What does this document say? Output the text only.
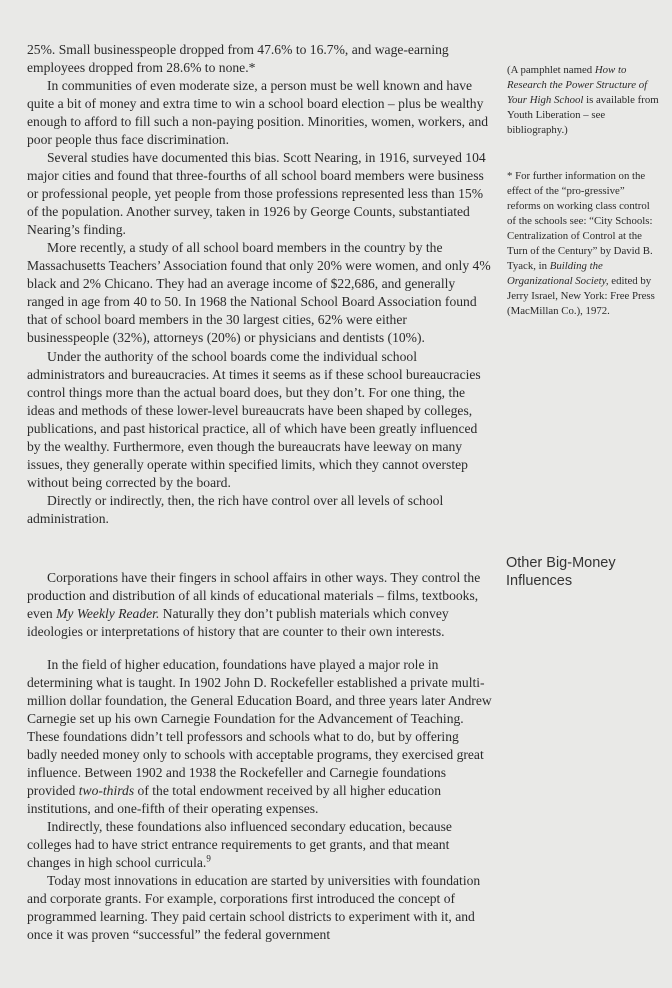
25%. Small businesspeople dropped from 47.6% to 16.7%, and wage-earning employees dropped from 28.6% to none.*

In communities of even moderate size, a person must be well known and have quite a bit of money and extra time to win a school board election – plus be wealthy enough to afford to fill such a non-paying position. Minorities, women, workers, and poor people thus face discrimination.

Several studies have documented this bias. Scott Nearing, in 1916, surveyed 104 major cities and found that three-fourths of all school board members were business or professional people, yet people from those professions represented less than 15% of the population. Another survey, taken in 1926 by George Counts, substantiated Nearing’s finding.

More recently, a study of all school board members in the country by the Massachusetts Teachers’ Association found that only 20% were women, and only 4% black and 2% Chicano. They had an average income of $22,686, and generally ranged in age from 40 to 50. In 1968 the National School Board Association found that of school board members in the 30 largest cities, 62% were either businesspeople (32%), attorneys (20%) or physicians and dentists (10%).

Under the authority of the school boards come the individual school administrators and bureaucracies. At times it seems as if these school bureaucracies control things more than the actual board does, but they don’t. For one thing, the ideas and methods of these lower-level bureaucrats have been shaped by colleges, publications, and past historical practice, all of which have been greatly influenced by the wealthy. Furthermore, even though the bureaucrats have leeway on many issues, they generally operate within specified limits, which they cannot overstep without being corrected by the board.

Directly or indirectly, then, the rich have control over all levels of school administration.

Corporations have their fingers in school affairs in other ways. They control the production and distribution of all kinds of educational materials – films, textbooks, even My Weekly Reader. Naturally they don’t publish materials which convey ideologies or interpretations of history that are counter to their own interests.

In the field of higher education, foundations have played a major role in determining what is taught. In 1902 John D. Rockefeller established a private multi-million dollar foundation, the General Education Board, and three years later Andrew Carnegie set up his own Carnegie Foundation for the Advancement of Teaching. These foundations didn’t tell professors and schools what to do, but by offering badly needed money only to schools with acceptable programs, they exercised great influence. Between 1902 and 1938 the Rockefeller and Carnegie foundations provided two-thirds of the total endowment received by all higher education institutions, and one-fifth of their operating expenses.

Indirectly, these foundations also influenced secondary education, because colleges had to have strict entrance requirements to get grants, and that meant changes in high school curricula.$^9$

Today most innovations in education are started by universities with foundation and corporate grants. For example, corporations first introduced the concept of programmed learning. They paid certain school districts to experiment with it, and once it was proven “successful” the federal government

(A pamphlet named How to Research the Power Structure of Your High School is available from Youth Liberation – see bibliography.)

* For further information on the effect of the “pro-gressive” reforms on working class control of the schools see: “City Schools: Centralization of Control at the Turn of the Century” by David B. Tyack, in Building the Organizational Society, edited by Jerry Israel, New York: Free Press (MacMillan Co.), 1972.

Other Big-Money Influences
